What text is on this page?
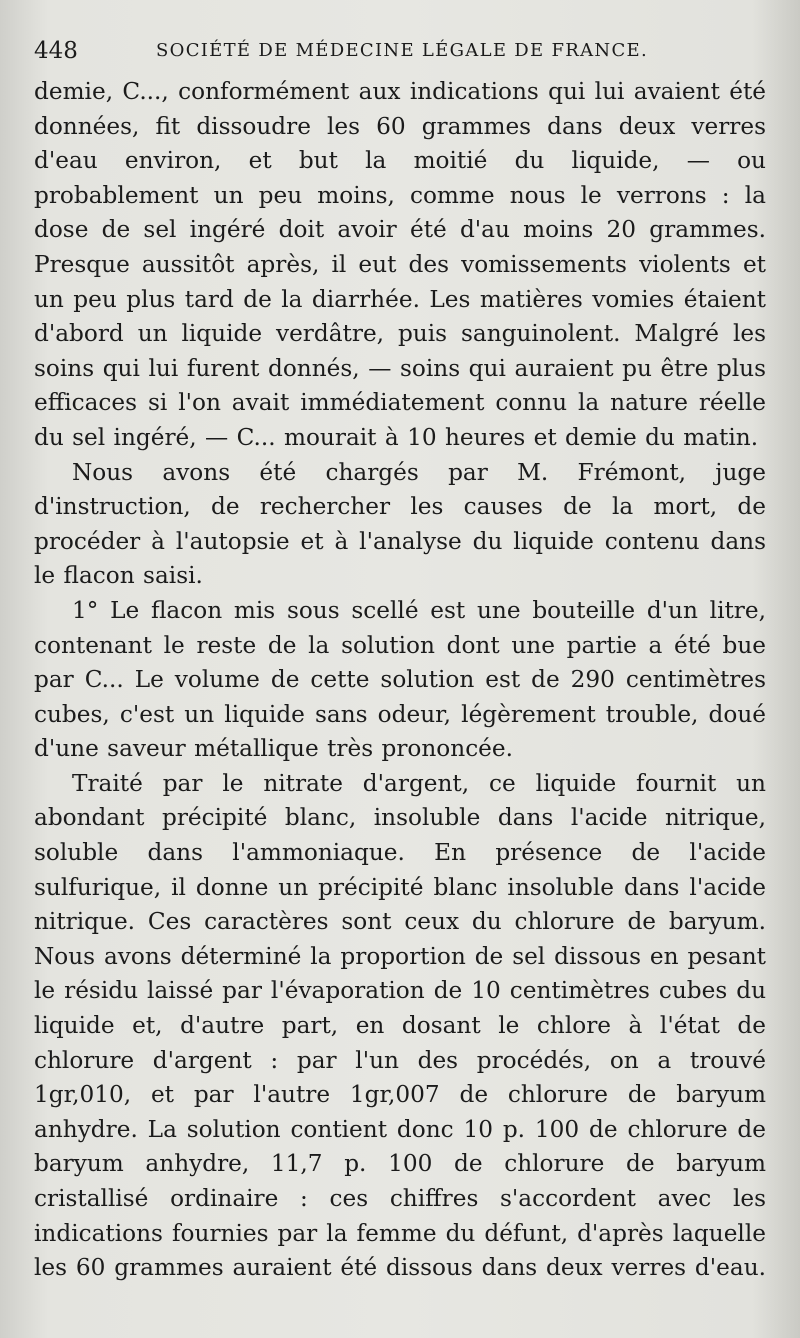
448	SOCIÉTÉ DE MÉDECINE LÉGALE DE FRANCE.

demie, C..., conformément aux indications qui lui avaient été données, fit dissoudre les 60 grammes dans deux verres d'eau environ, et but la moitié du liquide, — ou probablement un peu moins, comme nous le verrons : la dose de sel ingéré doit avoir été d'au moins 20 grammes. Presque aussitôt après, il eut des vomissements violents et un peu plus tard de la diarrhée. Les matières vomies étaient d'abord un liquide verdâtre, puis sanguinolent. Malgré les soins qui lui furent donnés, — soins qui auraient pu être plus efficaces si l'on avait immédiatement connu la nature réelle du sel ingéré, — C... mourait à 10 heures et demie du matin.

Nous avons été chargés par M. Frémont, juge d'instruction, de rechercher les causes de la mort, de procéder à l'autopsie et à l'analyse du liquide contenu dans le flacon saisi.

1° Le flacon mis sous scellé est une bouteille d'un litre, contenant le reste de la solution dont une partie a été bue par C... Le volume de cette solution est de 290 centimètres cubes, c'est un liquide sans odeur, légèrement trouble, doué d'une saveur métallique très prononcée.

Traité par le nitrate d'argent, ce liquide fournit un abondant précipité blanc, insoluble dans l'acide nitrique, soluble dans l'ammoniaque. En présence de l'acide sulfurique, il donne un précipité blanc insoluble dans l'acide nitrique. Ces caractères sont ceux du chlorure de baryum. Nous avons déterminé la proportion de sel dissous en pesant le résidu laissé par l'évaporation de 10 centimètres cubes du liquide et, d'autre part, en dosant le chlore à l'état de chlorure d'argent : par l'un des procédés, on a trouvé 1gr,010, et par l'autre 1gr,007 de chlorure de baryum anhydre. La solution contient donc 10 p. 100 de chlorure de baryum anhydre, 11,7 p. 100 de chlorure de baryum cristallisé ordinaire : ces chiffres s'accordent avec les indications fournies par la femme du défunt, d'après laquelle les 60 grammes auraient été dissous dans deux verres d'eau.
